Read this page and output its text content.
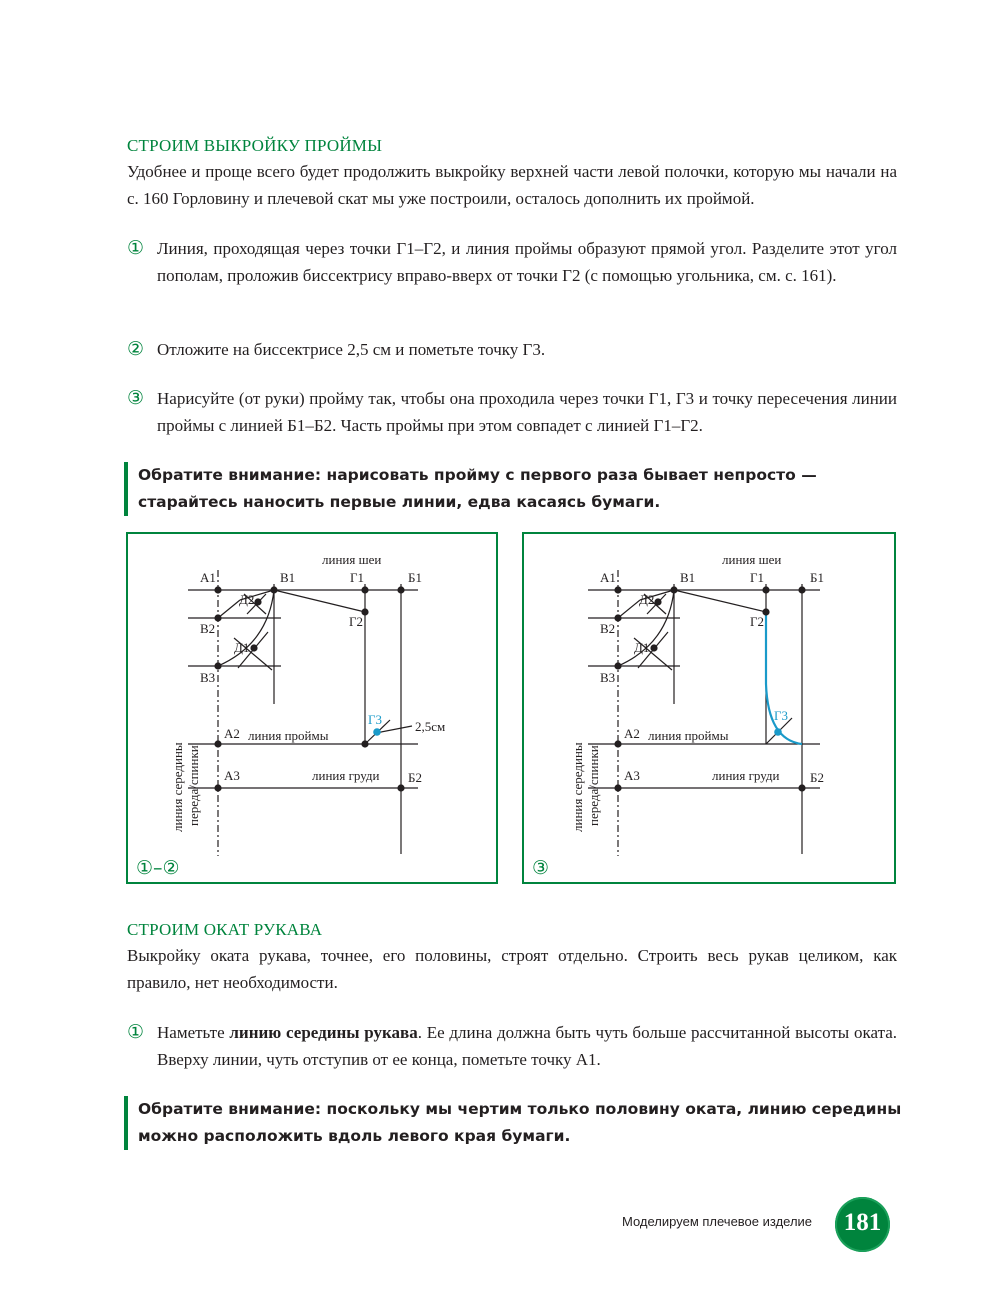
СТРОИМ ВЫКРОЙКУ ПРОЙМЫ

Удобнее и проще всего будет продолжить выкройку верхней части левой полочки, которую мы начали на с. 160 Горловину и плечевой скат мы уже построили, осталось дополнить их проймой.

① Линия, проходящая через точки Г1–Г2, и линия проймы образуют прямой угол. Разделите этот угол пополам, проложив биссектрису вправо-вверх от точки Г2 (с помощью угольника, см. с. 161).
② Отложите на биссектрисе 2,5 см и пометьте точку Г3.
③ Нарисуйте (от руки) пройму так, чтобы она проходила через точки Г1, Г3 и точку пересечения линии проймы с линией Б1–Б2. Часть проймы при этом совпадет с линией Г1–Г2.
Обратите внимание: нарисовать пройму с первого раза бывает непросто — старайтесь наносить первые линии, едва касаясь бумаги.
линия шеи
А1	В1	Г1	Б1
Д2
В2	Г2
Д1
В3
Г3	2,5см
А2 линия проймы
А3	линия груди Б2
линия середины переда/спинки
①–②
линия шеи
А1	В1	Г1	Б1
Д2
В2	Г2
Д1
В3
Г3
А2 линия проймы
А3	линия груди Б2
линия середины переда/спинки
③
СТРОИМ ОКАТ РУКАВА

Выкройку оката рукава, точнее, его половины, строят отдельно. Строить весь рукав целиком, как правило, нет необходимости.

① Наметьте линию середины рукава. Ее длина должна быть чуть больше рассчитанной высоты оката. Вверху линии, чуть отступив от ее конца, пометьте точку А1.
Обратите внимание: поскольку мы чертим только половину оката, линию середины можно расположить вдоль левого края бумаги.
Моделируем плечевое изделие	181
